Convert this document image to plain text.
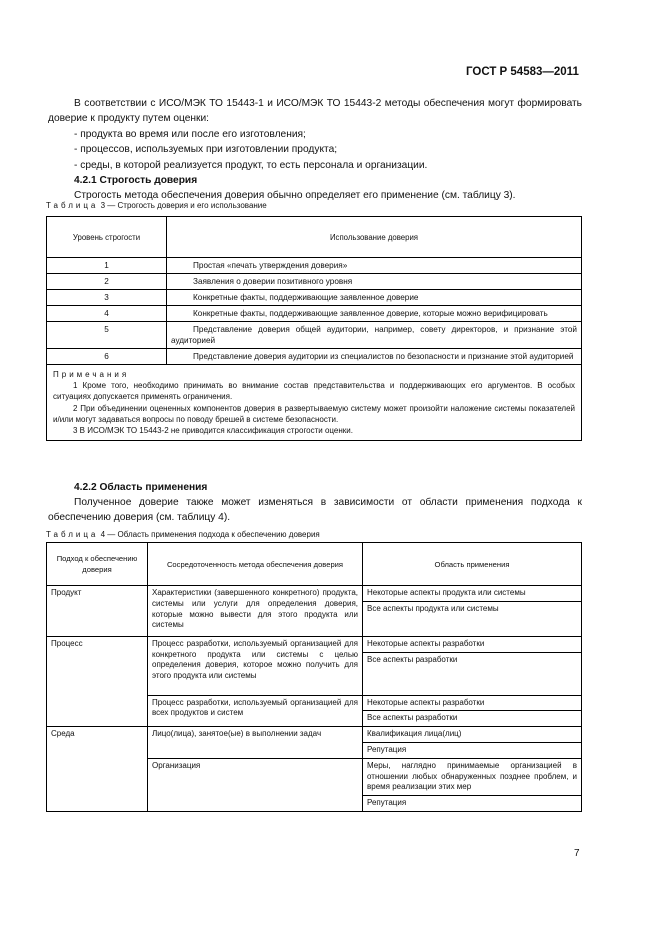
ГОСТ Р 54583—2011

В соответствии с ИСО/МЭК ТО 15443-1 и ИСО/МЭК ТО 15443-2 методы обеспечения могут формировать доверие к продукту путем оценки:

- продукта во время или после его изготовления;

- процессов, используемых при изготовлении продукта;

- среды, в которой реализуется продукт, то есть персонала и организации.

4.2.1 Строгость доверия

Строгость метода обеспечения доверия обычно определяет его применение (см. таблицу 3).

Таблица 3 — Строгость доверия и его использование
Уровень строгости	Использование доверия
1	Простая «печать утверждения доверия»

2	Заявления о доверии позитивного уровня

3	Конкретные факты, поддерживающие заявленное доверие

4	Конкретные факты, поддерживающие заявленное доверие, которые можно верифицировать

5	Представление доверия общей аудитории, например, совету директоров, и признание этой аудиторией

6	Представление доверия аудитории из специалистов по безопасности и признание этой аудиторией

Примечания
1 Кроме того, необходимо принимать во внимание состав представительства и поддерживающих его аргументов. В особых ситуациях допускается применять ограничения.
2 При объединении оцененных компонентов доверия в развертываемую систему может произойти наложение системы показателей и/или могут задаваться вопросы по поводу брешей в системе безопасности.
3 В ИСО/МЭК ТО 15443-2 не приводится классификация строгости оценки.	

4.2.2 Область применения

Полученное доверие также может изменяться в зависимости от области применения подхода к обеспечению доверия (см. таблицу 4).

Таблица 4 — Область применения подхода к обеспечению доверия
Подход к обеспечению доверия	Сосредоточенность метода обеспечения доверия	Область применения
Продукт	Характеристики (завершенного конкретного) продукта, системы или услуги для определения доверия, которые можно вывести для этого продукта или системы	Некоторые аспекты продукта или системы
		Все аспекты продукта или системы
Процесс	Процесс разработки, используемый организацией для конкретного продукта или системы с целью определения доверия, которое можно получить для этого продукта или системы	Некоторые аспекты разработки
		Все аспекты разработки
	Процесс разработки, используемый организацией для всех продуктов и систем	Некоторые аспекты разработки
		Все аспекты разработки
Среда	Лицо(лица), занятое(ые) в выполнении задач	Квалификация лица(лиц)
		Репутация
	Организация	Меры, наглядно принимаемые организацией в отношении любых обнаруженных позднее проблем, и время реализации этих мер
		Репутация
7
